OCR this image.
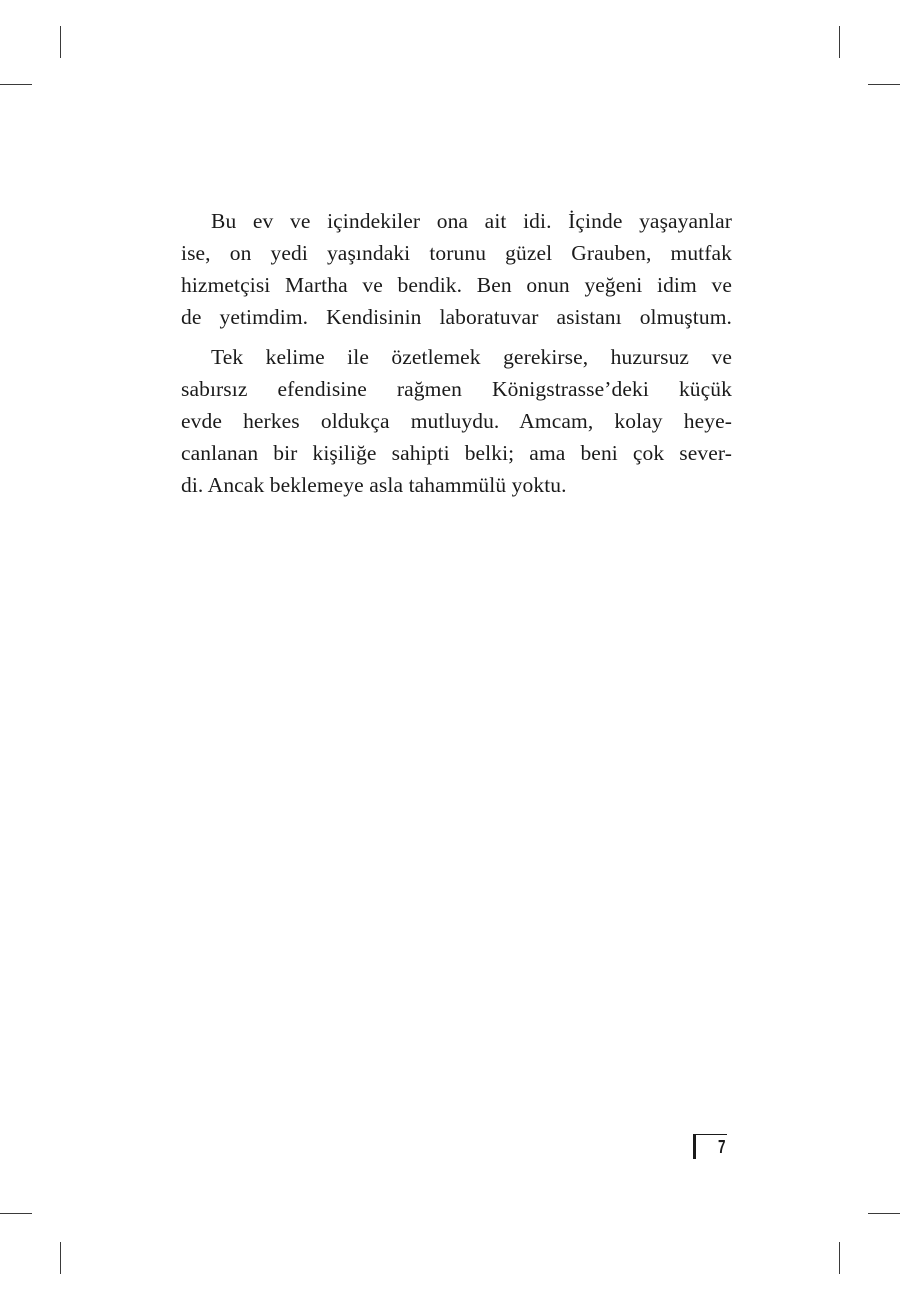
Bu ev ve içindekiler ona ait idi. İçinde yaşayanlar
ise, on yedi yaşındaki torunu güzel Grauben, mutfak
hizmetçisi Martha ve bendik. Ben onun yeğeni idim ve
de yetimdim. Kendisinin laboratuvar asistanı olmuştum.
Tek kelime ile özetlemek gerekirse, huzursuz ve
sabırsız efendisine rağmen Königstrasse’deki küçük
evde herkes oldukça mutluydu. Amcam, kolay heye-
canlanan bir kişiliğe sahipti belki; ama beni çok sever-
di. Ancak beklemeye asla tahammülü yoktu.
7
